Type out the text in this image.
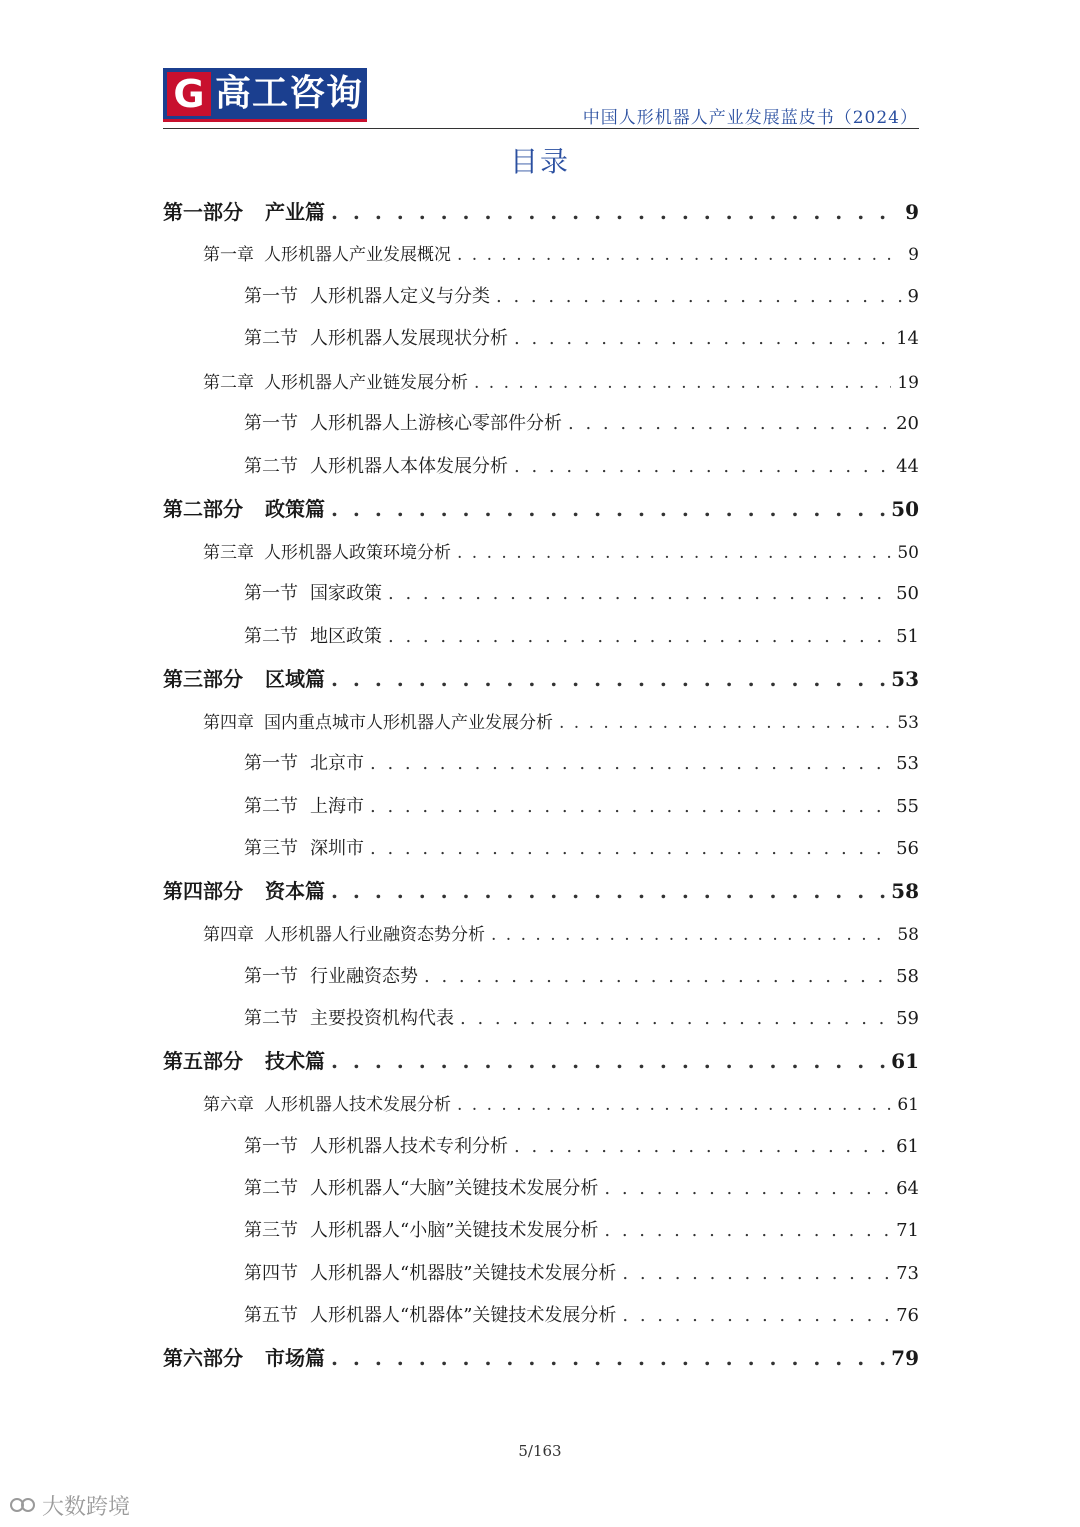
G 高工咨询
中国人形机器人产业发展蓝皮书（2024）
目录
第一部分 产业篇 . . .	9
第一章 人形机器人产业发展概况 . . .	9
第一节 人形机器人定义与分类 . . .	9
第二节 人形机器人发展现状分析 . . .	14
第二章 人形机器人产业链发展分析 . . .	19
第一节 人形机器人上游核心零部件分析 . . .	20
第二节 人形机器人本体发展分析 . . .	44
第二部分 政策篇 . . .	50
第三章 人形机器人政策环境分析 . . .	50
第一节 国家政策 . . .	50
第二节 地区政策 . . .	51
第三部分 区域篇 . . .	53
第四章 国内重点城市人形机器人产业发展分析 . . .	53
第一节 北京市 . . .	53
第二节 上海市 . . .	55
第三节 深圳市 . . .	56
第四部分 资本篇 . . .	58
第四章 人形机器人行业融资态势分析 . . .	58
第一节 行业融资态势 . . .	58
第二节 主要投资机构代表 . . .	59
第五部分 技术篇 . . .	61
第六章 人形机器人技术发展分析 . . .	61
第一节 人形机器人技术专利分析 . . .	61
第二节 人形机器人“大脑”关键技术发展分析 . . .	64
第三节 人形机器人“小脑”关键技术发展分析 . . .	71
第四节 人形机器人“机器肢”关键技术发展分析 . . .	73
第五节 人形机器人“机器体”关键技术发展分析 . . .	76
第六部分 市场篇 . . .	79
5/163
大数跨境
